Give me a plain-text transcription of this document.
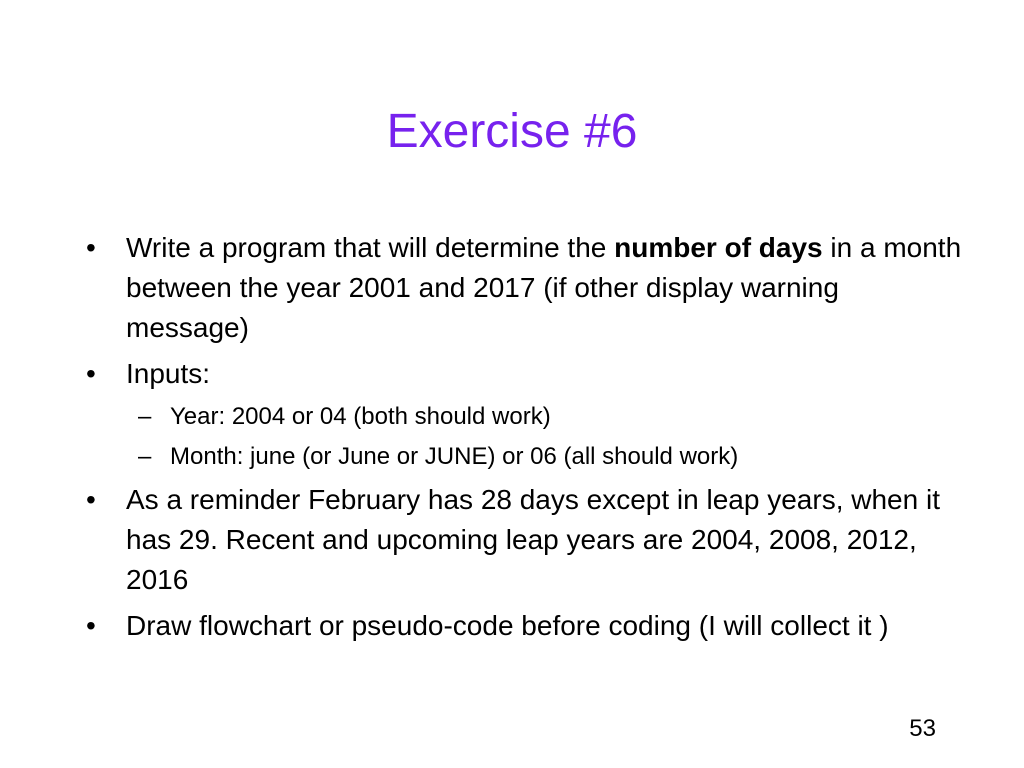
Exercise #6
•	Write a program that will determine the number of days in a month between the year 2001 and 2017 (if other display warning message)
•	Inputs:
– Year: 2004 or 04 (both should work)
– Month: june (or June or JUNE) or 06 (all should work)
•	As a reminder February has 28 days except in leap years, when it has 29. Recent and upcoming leap years are 2004, 2008, 2012, 2016
•	Draw flowchart or pseudo-code before coding (I will collect it )
53
